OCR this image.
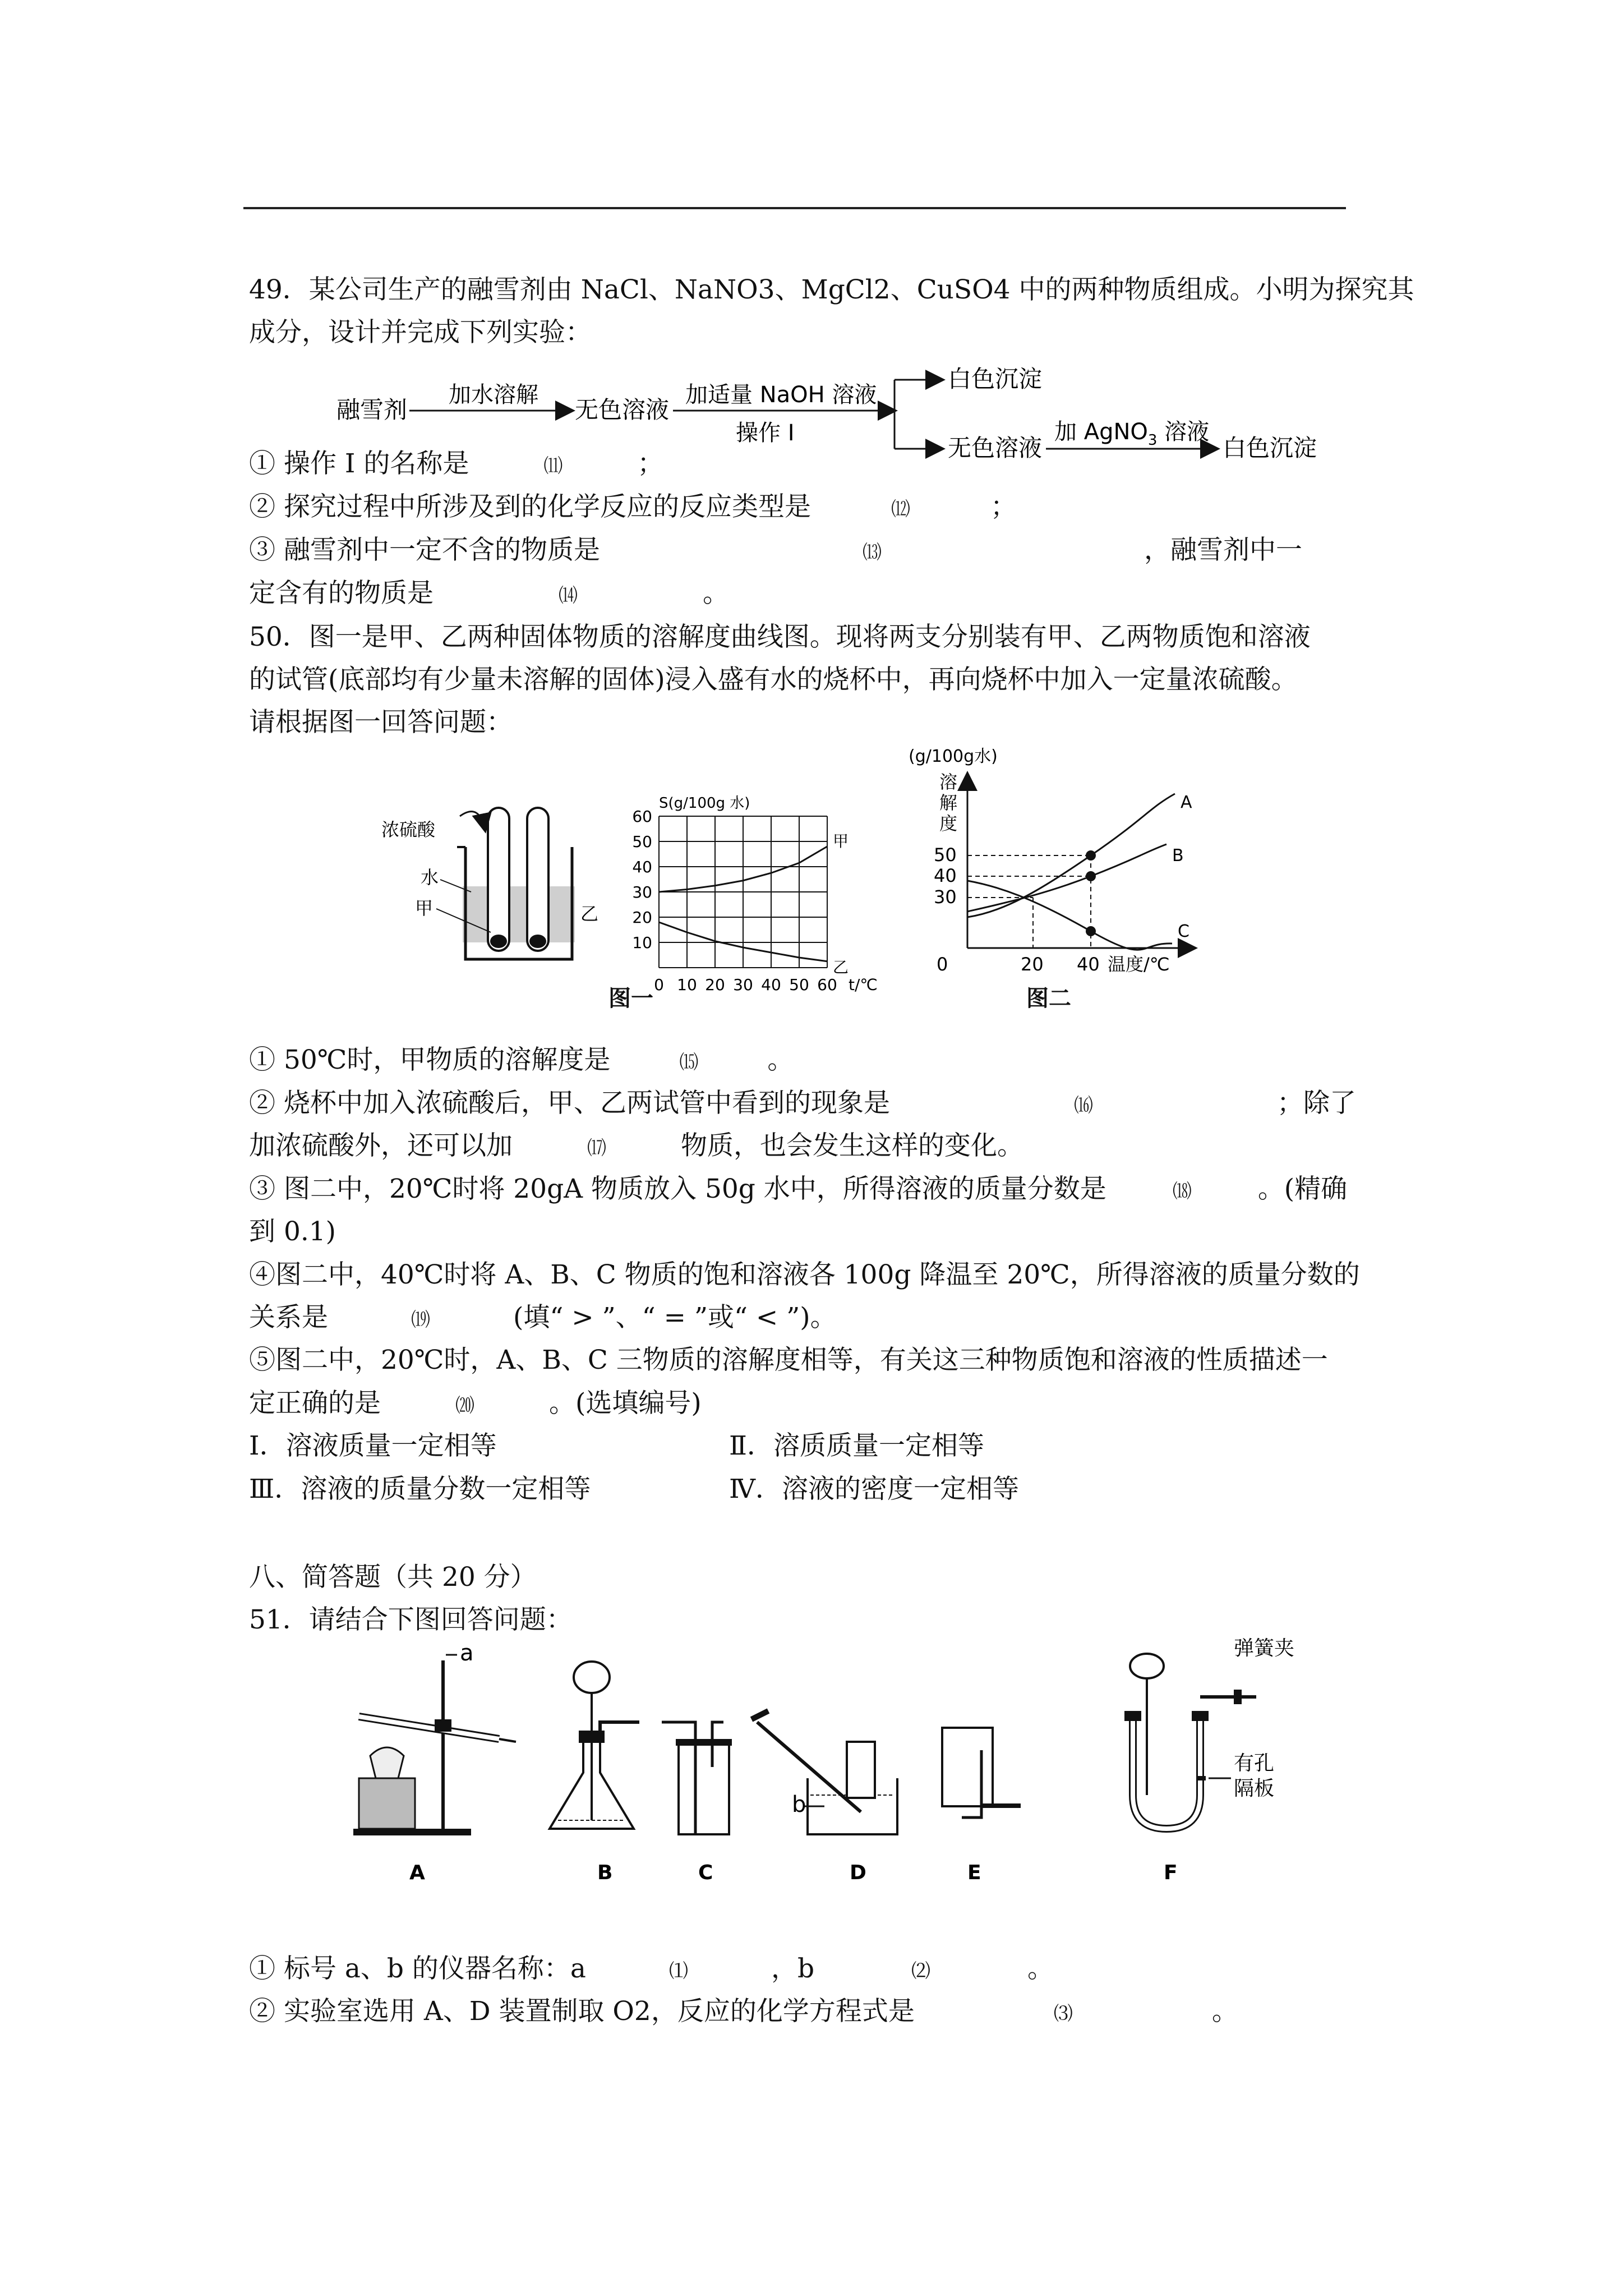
49．某公司生产的融雪剂由 NaCl、NaNO3、MgCl2、CuSO4 中的两种物质组成。小明为探究其
成分，设计并完成下列实验：
融雪剂
加水溶解
无色溶液
加适量 NaOH 溶液
操作 I
白色沉淀
无色溶液
加 AgNO$_3$ 溶液
白色沉淀
① 操作 I 的名称是	⑾	；
② 探究过程中所涉及到的化学反应的反应类型是	⑿	；
③ 融雪剂中一定不含的物质是	⒀	，融雪剂中一
定含有的物质是	⒁	。
50．图一是甲、乙两种固体物质的溶解度曲线图。现将两支分别装有甲、乙两物质饱和溶液
的试管(底部均有少量未溶解的固体)浸入盛有水的烧杯中，再向烧杯中加入一定量浓硫酸。
请根据图一回答问题：
浓硫酸
水
甲	乙
10
20
30
40
50
60
0 10 20 30 40 50 60
S(g/100g 水)
t/℃
甲
乙
图一
(g/100g水)
溶
解
度
50
40
30
0	20 40 温度/℃
A
B
C
图二
① 50℃时，甲物质的溶解度是	⒂	。
② 烧杯中加入浓硫酸后，甲、乙两试管中看到的现象是	⒃	；除了
加浓硫酸外，还可以加	⒄	物质，也会发生这样的变化。
③ 图二中，20℃时将 20gA 物质放入 50g 水中，所得溶液的质量分数是	⒅	。(精确
到 0.1)
④图二中，40℃时将 A、B、C 物质的饱和溶液各 100g 降温至 20℃，所得溶液的质量分数的
关系是	⒆	(填“ > ”、“ = ”或“ < ”)。
⑤图二中，20℃时，A、B、C 三物质的溶解度相等，有关这三种物质饱和溶液的性质描述一
定正确的是	⒇	。(选填编号)
Ⅰ．溶液质量一定相等	Ⅱ．溶质质量一定相等
Ⅲ．溶液的质量分数一定相等	Ⅳ．溶液的密度一定相等
八、简答题（共 20 分）
51．请结合下图回答问题：
a
b
弹簧夹
有孔
隔板
A	B	C	D	E	F
① 标号 a、b 的仪器名称：a	⑴	，b	⑵	。
② 实验室选用 A、D 装置制取 O2，反应的化学方程式是	⑶	。
